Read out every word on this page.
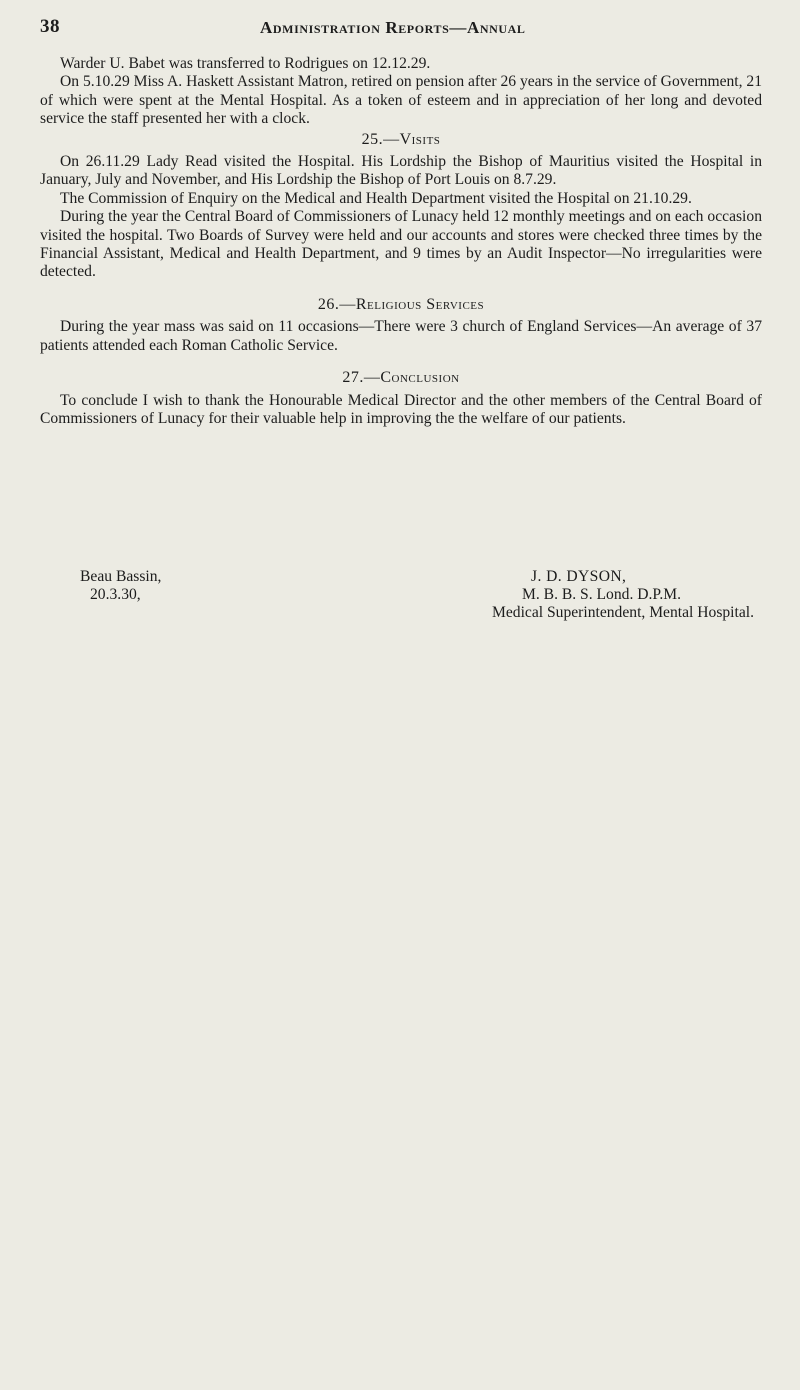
38	Administration Reports—Annual

Warder U. Babet was transferred to Rodrigues on 12.12.29.

On 5.10.29 Miss A. Haskett Assistant Matron, retired on pension after 26 years in the service of Government, 21 of which were spent at the Mental Hospital. As a token of esteem and in appreciation of her long and devoted service the staff presented her with a clock.

25.—Visits

On 26.11.29 Lady Read visited the Hospital. His Lordship the Bishop of Mauritius visited the Hospital in January, July and November, and His Lordship the Bishop of Port Louis on 8.7.29.

The Commission of Enquiry on the Medical and Health Department visited the Hospital on 21.10.29.

During the year the Central Board of Commissioners of Lunacy held 12 monthly meetings and on each occasion visited the hospital. Two Boards of Survey were held and our accounts and stores were checked three times by the Financial Assistant, Medical and Health Department, and 9 times by an Audit Inspector—No irregularities were detected.

26.—Religious Services

During the year mass was said on 11 occasions—There were 3 church of England Services—An average of 37 patients attended each Roman Catholic Service.

27.—Conclusion

To conclude I wish to thank the Honourable Medical Director and the other members of the Central Board of Commissioners of Lunacy for their valuable help in improving the the welfare of our patients.

Beau Bassin,
20.3.30,
J. D. DYSON,
M. B. B. S. Lond. D.P.M.
Medical Superintendent, Mental Hospital.
